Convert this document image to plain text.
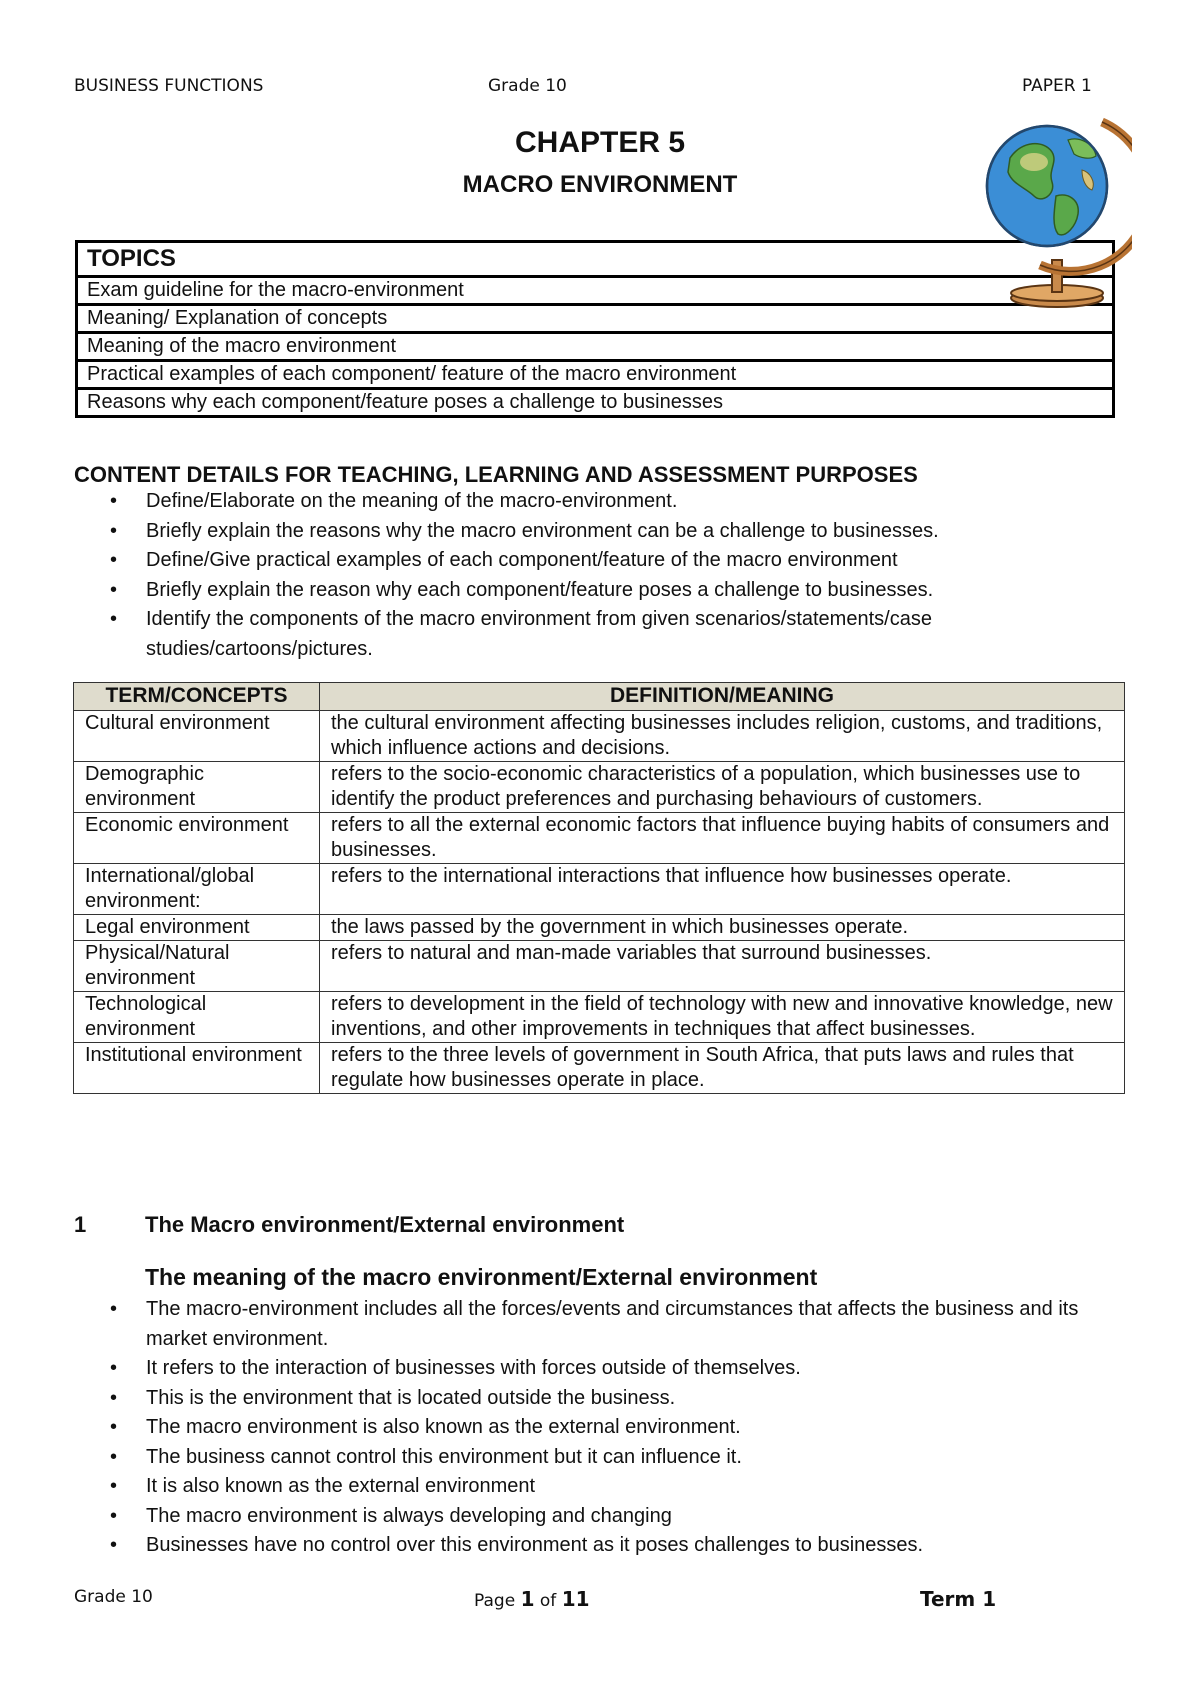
BUSINESS FUNCTIONS	Grade 10	PAPER 1
CHAPTER 5
MACRO ENVIRONMENT
TOPICS
Exam guideline for the macro-environment
Meaning/ Explanation of concepts
Meaning of the macro environment
Practical examples of each component/ feature of the macro environment
Reasons why each component/feature poses a challenge to businesses
CONTENT DETAILS FOR TEACHING, LEARNING AND ASSESSMENT PURPOSES
• Define/Elaborate on the meaning of the macro-environment.
• Briefly explain the reasons why the macro environment can be a challenge to businesses.
• Define/Give practical examples of each component/feature of the macro environment
• Briefly explain the reason why each component/feature poses a challenge to businesses.
• Identify the components of the macro environment from given scenarios/statements/case studies/cartoons/pictures.
TERM/CONCEPTS	DEFINITION/MEANING
Cultural environment	the cultural environment affecting businesses includes religion, customs, and traditions, which influence actions and decisions.
Demographic environment	refers to the socio-economic characteristics of a population, which businesses use to identify the product preferences and purchasing behaviours of customers.
Economic environment	refers to all the external economic factors that influence buying habits of consumers and businesses.
International/global environment:	refers to the international interactions that influence how businesses operate.
Legal environment	the laws passed by the government in which businesses operate.
Physical/Natural environment	refers to natural and man-made variables that surround businesses.
Technological environment	refers to development in the field of technology with new and innovative knowledge, new inventions, and other improvements in techniques that affect businesses.
Institutional environment	refers to the three levels of government in South Africa, that puts laws and rules that regulate how businesses operate in place.
1	The Macro environment/External environment
The meaning of the macro environment/External environment
• The macro-environment includes all the forces/events and circumstances that affects the business and its market environment.
• It refers to the interaction of businesses with forces outside of themselves.
• This is the environment that is located outside the business.
• The macro environment is also known as the external environment.
• The business cannot control this environment but it can influence it.
• It is also known as the external environment
• The macro environment is always developing and changing
• Businesses have no control over this environment as it poses challenges to businesses.
Grade 10	Page 1 of 11	Term 1
